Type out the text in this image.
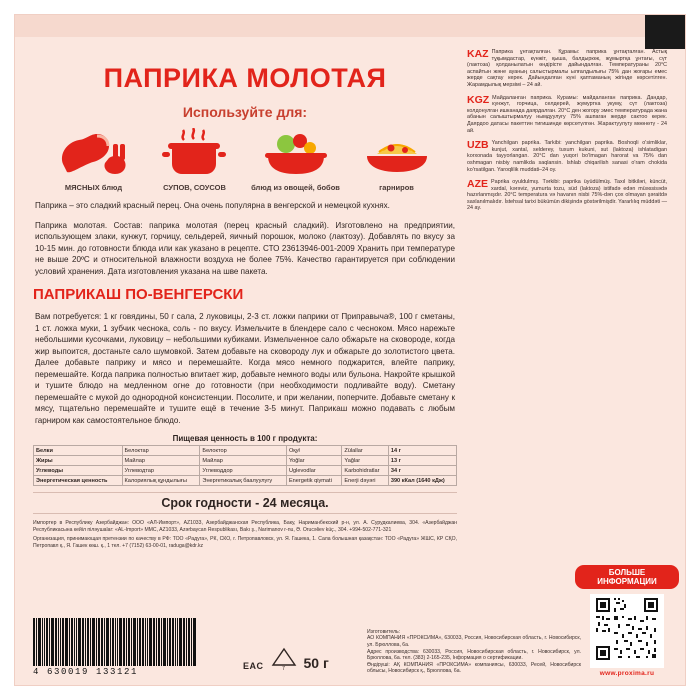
ПАПРИКА МОЛОТАЯ
Используйте для:
МЯСНЫХ блюд	СУПОВ, СОУСОВ	блюд из овощей, бобов	гарниров
Паприка – это сладкий красный перец. Она очень популярна в венгерской и немецкой кухнях.
Паприка молотая. Состав: паприка молотая (перец красный сладкий). Изготовлено на предприятии, использующем злаки, кунжут, горчицу, сельдерей, яичный порошок, молоко (лактозу). Добавлять по вкусу за 10-15 мин. до готовности блюда или как указано в рецепте. СТО 23613946-001-2009 Хранить при температуре не выше 20ºС и относительной влажности воздуха не более 75%. Качество гарантируется при соблюдении условий хранения. Дата изготовления указана на шве пакета.
ПАПРИКАШ ПО-ВЕНГЕРСКИ
Вам потребуется: 1 кг говядины, 50 г сала, 2 луковицы, 2-3 ст. ложки паприки от Приправыча®, 100 г сметаны, 1 ст. ложка муки, 1 зубчик чеснока, соль - по вкусу. Измельчите в блендере сало с чесноком. Мясо нарежьте небольшими кусочками, луковицу – небольшими кубиками. Измельченное сало обжарьте на сковороде, когда жир выпоится, достаньте сало шумовкой. Затем добавьте на сковороду лук и обжарьте до золотистого цвета. Далее добавьте паприку и мясо и перемешайте. Когда мясо немного поджарится, влейте паприку, перемешайте. Когда паприка полностью впитает жир, добавьте немного воды или бульона. Накройте крышкой и тушите блюдо на медленном огне до готовности (при необходимости подливайте воду). Сметану перемешайте с мукой до однородной консистенции. Посолите, и при желании, поперчите. Добавьте сметану к мясу, тщательно перемешайте и тушите ещё в течение 3-5 минут. Паприкаш можно подавать с любым гарниром как самостоятельное блюдо.
Пищевая ценность в 100 г продукта:
Белки	Белоктар	Белоктор	Оқył	Zülallar	14 г
Жиры	Майлар	Майлар	Yoğlar	Yağlar	13 г
Углеводы	Углеводтар	Углеводдор	Uglevodlar	Karbohidratlar	34 г
Энергетическая ценность	Калориялық құндылығы	Энергетикалық баалуулугу	Energetik qiymati	Enerji dəyəri	390 кКал (1640 кДж)
Срок годности - 24 месяца.

Импортер в Республику Азербайджан: ООО «АЛ-Импорт», AZ1033, Азербайджанская Республика, Баку, Нариманбекский р-н, ул. А. Сурудкалиева, 304. «Азербайджан Республикасына кейіл піләушаlar: «AL-Import» MMC, AZ1033, Azərbaycan Respublikası, Bakı ş., Narimanov r-nu, Ə. Orucəliev küç., 304. +994-502-771-321

Организация, принимающая претензии по качеству в РФ: ТОО «Радуга», РК, СКО, г. Петропавловск, ул. Я. Гашека, 1. Сала болышная қазақстан: ТОО «Радуга» ЖШС, КР СҚО, Петропавл қ., Я. Гашек көш. қ., 1 тел. +7 (7152) 63-00-01, raduga@kdr.kz

KAZ Паприка ұнтақталған. Құрамы: паприка ұнтақталған. Астық тұқымдастар, күнжіт, қыша, балдыркөк, жұмыртқа ұнтағы, сүт (лактоза) қолданылатын өндірісте дайындалған. Температураны 20°С аспайтын және ауаның салыстырмалы ылғалдылығы 75% дан жоғары емес жерде сақтау керек. Дайындалған күні қаптаманың жігінде көрсетілген. Жарамдылық мерзімі – 24 ай.
KGZ Майдаланган паприка. Курамы: майдаланган паприка. Дандар, кунжут, горчица, селдерей, жумуртка укуму, сүт (лактоза) колдонулган ишканада даярдалган. 20°С ден жогору эмес температурада жана абанын салыштырмалуу нымдуулугу 75% ашпаган жерде сактоо керек. Даярдоо датасы пакеттин тигишинде көрсөтүлгөн. Жарактуулугу мөөнөтү - 24 ай.
UZB Yanchilgan paprika. Tarkibi: yanchilgan paprika. Boshoqli o'simliklar, kunjut, xantal, selderey, tuxum kukuni, sut (laktoza) ishlatadigan korxonada tayyorlangan. 20°C dan yuqori bo'lmagan harorat va 75% dan oshmagan nisbiy namlikda saqlansin. Ishlab chiqarilish sanasi o'ram chokida ko'rsatilgan. Yaroqlilik muddati–24 oy.
AZE Paprika oyuldulmış. Tərkibi: paprika üyüdülmüş. Taxıl bitkiləri, küncüt, xardal, kərəviz, yumurta tozu, süd (laktoza) istifadə edən müəssisədə hazırlanmışdır. 20°C temperatura və havanın nisbi 75%-dən çox olmayan şəraitdə saxlanılmalıdır. İstehsal tarixi bükümün dikişində göstərilmişdir. Yararlılıq müddəti — 24 ay.
4 630019 133121
EAC	7	50 г
Изготовитель:
АО КОМПАНИЯ «ПРОКСИМА», 630033, Россия, Новосибирская область, г. Новосибирск, ул. Брюллова, 6а.
Адрес производства: 630033, Россия, Новосибирская область, г. Новосибирск, ул. Брюллова, 6а. тел. (383) 2-165-235, Інформация о сертификации.
Өндіруші: АҚ КОМПАНИЯ «ПРОКСИМА» компаниясы, 630033, Ресей, Новосибирск облысы, Новосибирск қ., Брюллова, 6а.
БОЛЬШЕ ИНФОРМАЦИИ
www.proxima.ru
